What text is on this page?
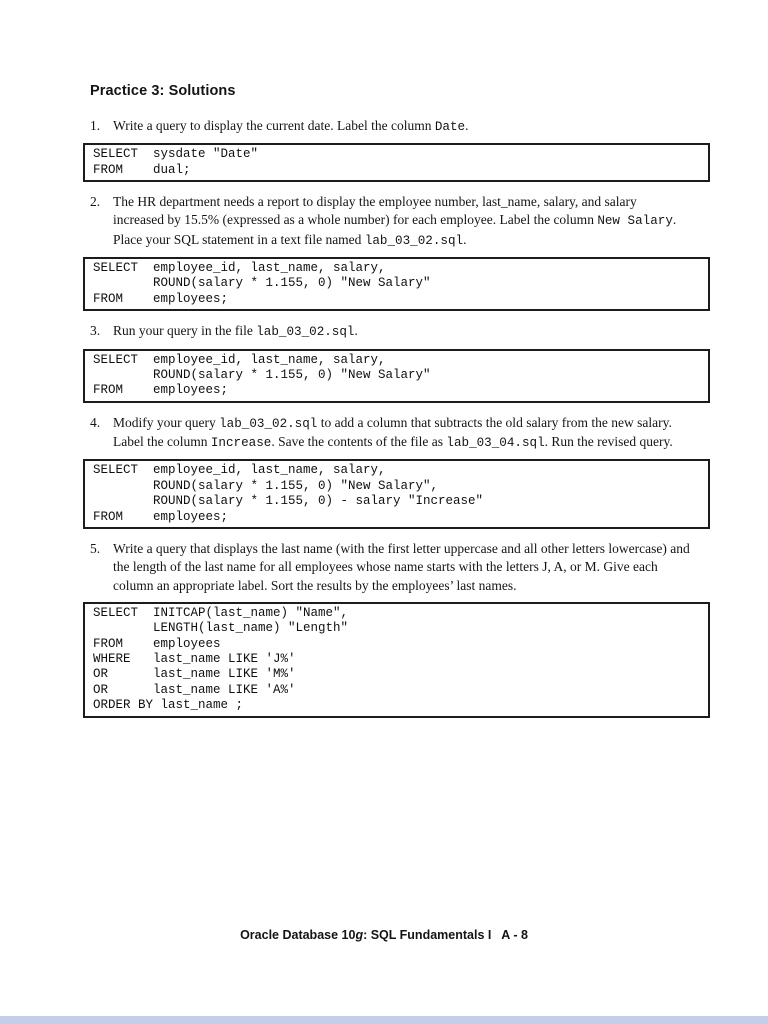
Practice 3: Solutions
1. Write a query to display the current date. Label the column Date.

SELECT  sysdate "Date"
FROM    dual;
2. The HR department needs a report to display the employee number, last_name, salary, and salary increased by 15.5% (expressed as a whole number) for each employee. Label the column New Salary. Place your SQL statement in a text file named lab_03_02.sql.

SELECT  employee_id, last_name, salary,
ROUND(salary * 1.155, 0) "New Salary"
FROM    employees;
3. Run your query in the file lab_03_02.sql.

SELECT  employee_id, last_name, salary,
ROUND(salary * 1.155, 0) "New Salary"
FROM    employees;
4. Modify your query lab_03_02.sql to add a column that subtracts the old salary from the new salary. Label the column Increase. Save the contents of the file as lab_03_04.sql. Run the revised query.

SELECT  employee_id, last_name, salary,
ROUND(salary * 1.155, 0) "New Salary",
ROUND(salary * 1.155, 0) - salary "Increase"
FROM    employees;
5. Write a query that displays the last name (with the first letter uppercase and all other letters lowercase) and the length of the last name for all employees whose name starts with the letters J, A, or M. Give each column an appropriate label. Sort the results by the employees’ last names.

SELECT  INITCAP(last_name) "Name",
LENGTH(last_name) "Length"
FROM    employees
WHERE   last_name LIKE 'J%'
OR      last_name LIKE 'M%'
OR      last_name LIKE 'A%'
ORDER BY last_name ;
Oracle Database 10g: SQL Fundamentals I   A - 8
